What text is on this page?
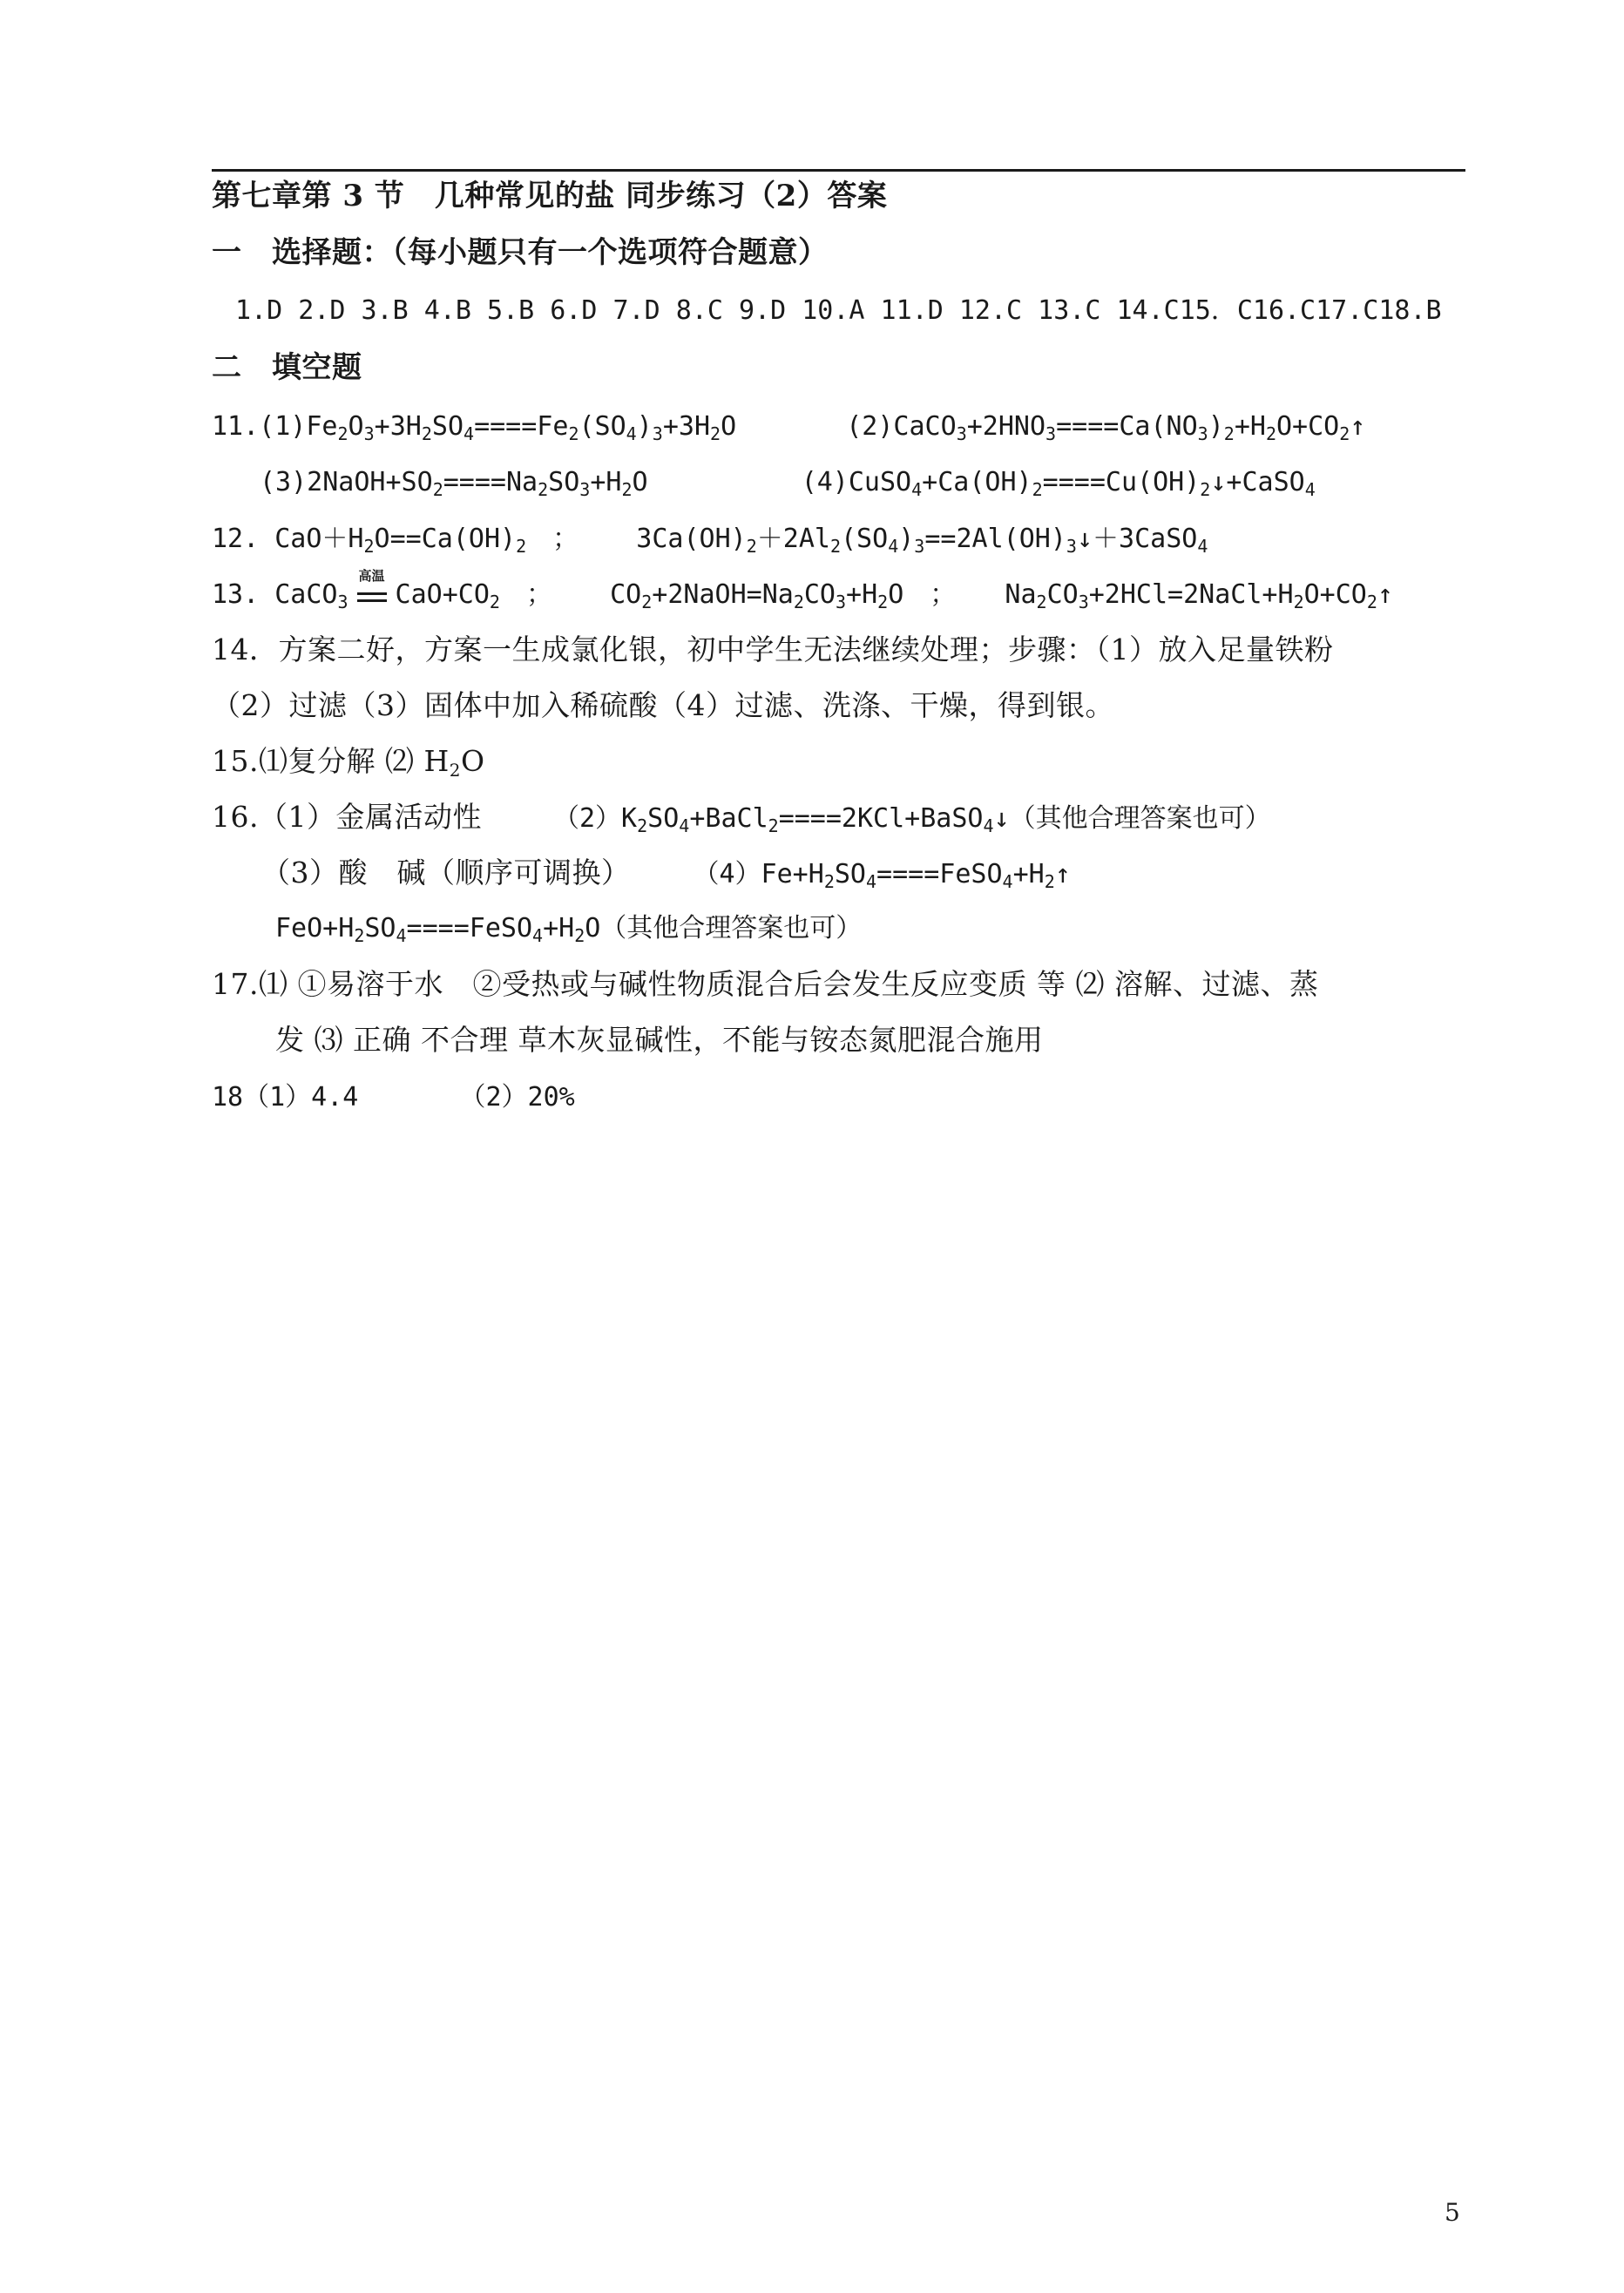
第七章第 3 节　几种常见的盐 同步练习（2）答案
一　选择题：（每小题只有一个选项符合题意）
1.D 2.D 3.B 4.B 5.B 6.D 7.D 8.C 9.D 10.A 11.D 12.C 13.C 14.C15．C16.C17.C18.B
二　填空题
$11.(1)Fe_2O_3+3H_2SO_4====Fe_2(SO_4)_3+3H_2O$	$(2)CaCO_3+2HNO_3====Ca(NO_3)_2+H_2O+CO_2↑$
$(3)2NaOH+SO_2====Na_2SO_3+H_2O$	$(4)CuSO_4+Ca(OH)_2====Cu(OH)_2↓+CaSO_4$
12. $CaO+H_2O==Ca(OH)_2$　； $3Ca(OH)_2+2Al_2(SO_4)_3==2Al(OH)_3↓+3CaSO_4$
13. CaCO$_3$
高温
$CaO+CO_2$　； $CO_2+2NaOH=Na_2CO_3+H_2O$　； $Na_2CO_3+2HCl=2NaCl+H_2O+CO_2↑$
14．方案二好，方案一生成氯化银，初中学生无法继续处理；步骤：（1）放入足量铁粉
（2）过滤（3）固体中加入稀硫酸（4）过滤、洗涤、干燥，得到银。
15.⑴复分解 ⑵ $H_2O$
16.（1）金属活动性	$(2)K_2SO_4+BaCl_2====2KCl+BaSO_4↓$（其他合理答案也可）
（3）酸　碱（顺序可调换） $(4)Fe+H_2SO_4====FeSO_4+H_2↑$
$FeO+H_2SO_4====FeSO_4+H_2O$（其他合理答案也可）
17.⑴ ①易溶于水　②受热或与碱性物质混合后会发生反应变质 等 ⑵ 溶解、过滤、蒸
发 ⑶ 正确 不合理 草木灰显碱性，不能与铵态氮肥混合施用
18（1）4.4	（2）20%
5
